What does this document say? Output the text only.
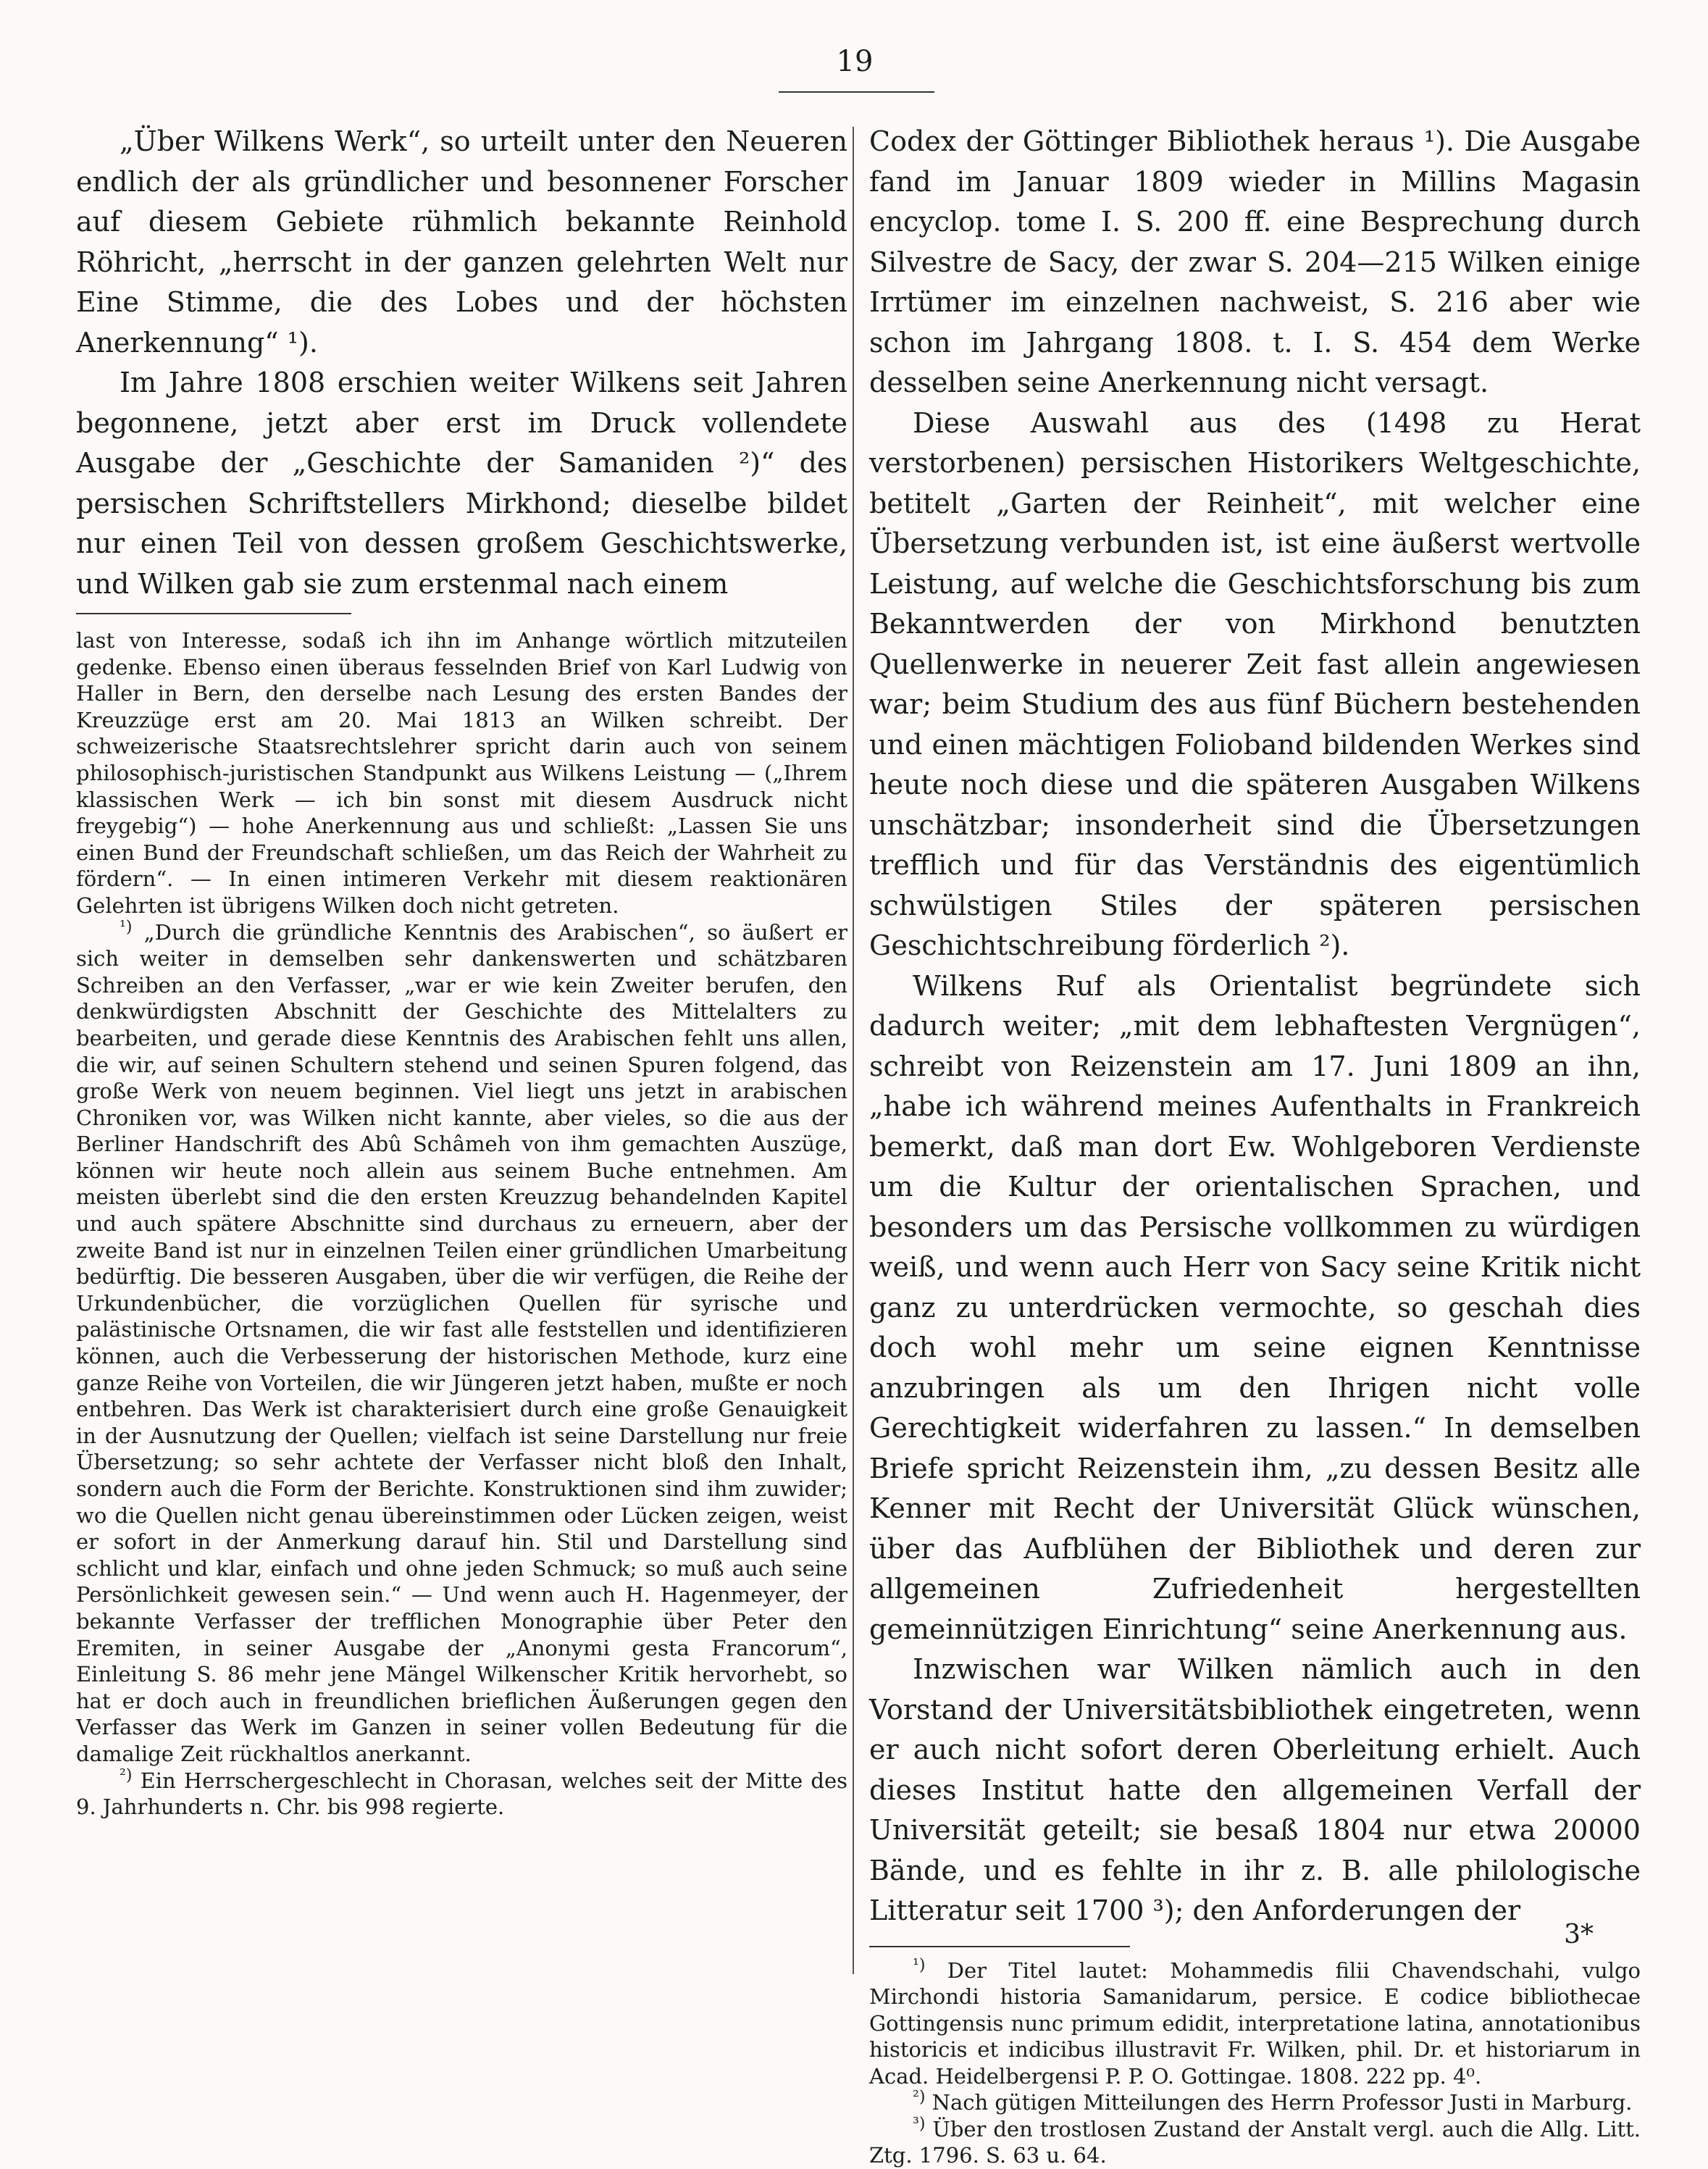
19

„Über Wilkens Werk“, so urteilt unter den Neueren endlich der als gründlicher und besonnener Forscher auf diesem Gebiete rühmlich bekannte Reinhold Röhricht, „herrscht in der ganzen gelehrten Welt nur Eine Stimme, die des Lobes und der höchsten Anerkennung“ ¹).

Im Jahre 1808 erschien weiter Wilkens seit Jahren begonnene, jetzt aber erst im Druck vollendete Ausgabe der „Geschichte der Samaniden ²)“ des persischen Schriftstellers Mirkhond; dieselbe bildet nur einen Teil von dessen großem Geschichtswerke, und Wilken gab sie zum erstenmal nach einem

last von Interesse, sodaß ich ihn im Anhange wörtlich mitzuteilen gedenke. Ebenso einen überaus fesselnden Brief von Karl Ludwig von Haller in Bern, den derselbe nach Lesung des ersten Bandes der Kreuzzüge erst am 20. Mai 1813 an Wilken schreibt. Der schweizerische Staatsrechtslehrer spricht darin auch von seinem philosophisch-juristischen Standpunkt aus Wilkens Leistung — („Ihrem klassischen Werk — ich bin sonst mit diesem Ausdruck nicht freygebig“) — hohe Anerkennung aus und schließt: „Lassen Sie uns einen Bund der Freundschaft schließen, um das Reich der Wahrheit zu fördern“. — In einen intimeren Verkehr mit diesem reaktionären Gelehrten ist übrigens Wilken doch nicht getreten.

$^{^1)}$ „Durch die gründliche Kenntnis des Arabischen“, so äußert er sich weiter in demselben sehr dankenswerten und schätzbaren Schreiben an den Verfasser, „war er wie kein Zweiter berufen, den denkwürdigsten Abschnitt der Geschichte des Mittelalters zu bearbeiten, und gerade diese Kenntnis des Arabischen fehlt uns allen, die wir, auf seinen Schultern stehend und seinen Spuren folgend, das große Werk von neuem beginnen. Viel liegt uns jetzt in arabischen Chroniken vor, was Wilken nicht kannte, aber vieles, so die aus der Berliner Handschrift des Abû Schâmeh von ihm gemachten Auszüge, können wir heute noch allein aus seinem Buche entnehmen. Am meisten überlebt sind die den ersten Kreuzzug behandelnden Kapitel und auch spätere Abschnitte sind durchaus zu erneuern, aber der zweite Band ist nur in einzelnen Teilen einer gründlichen Umarbeitung bedürftig. Die besseren Ausgaben, über die wir verfügen, die Reihe der Urkundenbücher, die vorzüglichen Quellen für syrische und palästinische Ortsnamen, die wir fast alle feststellen und identifizieren können, auch die Verbesserung der historischen Methode, kurz eine ganze Reihe von Vorteilen, die wir Jüngeren jetzt haben, mußte er noch entbehren. Das Werk ist charakterisiert durch eine große Genauigkeit in der Ausnutzung der Quellen; vielfach ist seine Darstellung nur freie Übersetzung; so sehr achtete der Verfasser nicht bloß den Inhalt, sondern auch die Form der Berichte. Konstruktionen sind ihm zuwider; wo die Quellen nicht genau übereinstimmen oder Lücken zeigen, weist er sofort in der Anmerkung darauf hin. Stil und Darstellung sind schlicht und klar, einfach und ohne jeden Schmuck; so muß auch seine Persönlichkeit gewesen sein.“ — Und wenn auch H. Hagenmeyer, der bekannte Verfasser der trefflichen Monographie über Peter den Eremiten, in seiner Ausgabe der „Anonymi gesta Francorum“, Einleitung S. 86 mehr jene Mängel Wilkenscher Kritik hervorhebt, so hat er doch auch in freundlichen brieflichen Äußerungen gegen den Verfasser das Werk im Ganzen in seiner vollen Bedeutung für die damalige Zeit rückhaltlos anerkannt.

$^{^2)}$ Ein Herrschergeschlecht in Chorasan, welches seit der Mitte des 9. Jahrhunderts n. Chr. bis 998 regierte.

Codex der Göttinger Bibliothek heraus ¹). Die Ausgabe fand im Januar 1809 wieder in Millins Magasin encyclop. tome I. S. 200 ff. eine Besprechung durch Silvestre de Sacy, der zwar S. 204—215 Wilken einige Irrtümer im einzelnen nachweist, S. 216 aber wie schon im Jahrgang 1808. t. I. S. 454 dem Werke desselben seine Anerkennung nicht versagt.

Diese Auswahl aus des (1498 zu Herat verstorbenen) persischen Historikers Weltgeschichte, betitelt „Garten der Reinheit“, mit welcher eine Übersetzung verbunden ist, ist eine äußerst wertvolle Leistung, auf welche die Geschichtsforschung bis zum Bekanntwerden der von Mirkhond benutzten Quellenwerke in neuerer Zeit fast allein angewiesen war; beim Studium des aus fünf Büchern bestehenden und einen mächtigen Folioband bildenden Werkes sind heute noch diese und die späteren Ausgaben Wilkens unschätzbar; insonderheit sind die Übersetzungen trefflich und für das Verständnis des eigentümlich schwülstigen Stiles der späteren persischen Geschichtschreibung förderlich ²).

Wilkens Ruf als Orientalist begründete sich dadurch weiter; „mit dem lebhaftesten Vergnügen“, schreibt von Reizenstein am 17. Juni 1809 an ihn, „habe ich während meines Aufenthalts in Frankreich bemerkt, daß man dort Ew. Wohlgeboren Verdienste um die Kultur der orientalischen Sprachen, und besonders um das Persische vollkommen zu würdigen weiß, und wenn auch Herr von Sacy seine Kritik nicht ganz zu unterdrücken vermochte, so geschah dies doch wohl mehr um seine eignen Kenntnisse anzubringen als um den Ihrigen nicht volle Gerechtigkeit widerfahren zu lassen.“ In demselben Briefe spricht Reizenstein ihm, „zu dessen Besitz alle Kenner mit Recht der Universität Glück wünschen, über das Aufblühen der Bibliothek und deren zur allgemeinen Zufriedenheit hergestellten gemeinnützigen Einrichtung“ seine Anerkennung aus.

Inzwischen war Wilken nämlich auch in den Vorstand der Universitätsbibliothek eingetreten, wenn er auch nicht sofort deren Oberleitung erhielt. Auch dieses Institut hatte den allgemeinen Verfall der Universität geteilt; sie besaß 1804 nur etwa 20000 Bände, und es fehlte in ihr z. B. alle philologische Litteratur seit 1700 ³); den Anforderungen der

$^{^1)}$ Der Titel lautet: Mohammedis filii Chavendschahi, vulgo Mirchondi historia Samanidarum, persice. E codice bibliothecae Gottingensis nunc primum edidit, interpretatione latina, annotationibus historicis et indicibus illustravit Fr. Wilken, phil. Dr. et historiarum in Acad. Heidelbergensi P. P. O. Gottingae. 1808. 222 pp. 4⁰.

$^{^2)}$ Nach gütigen Mitteilungen des Herrn Professor Justi in Marburg.

$^{^3)}$ Über den trostlosen Zustand der Anstalt vergl. auch die Allg. Litt. Ztg. 1796. S. 63 u. 64.

3*
